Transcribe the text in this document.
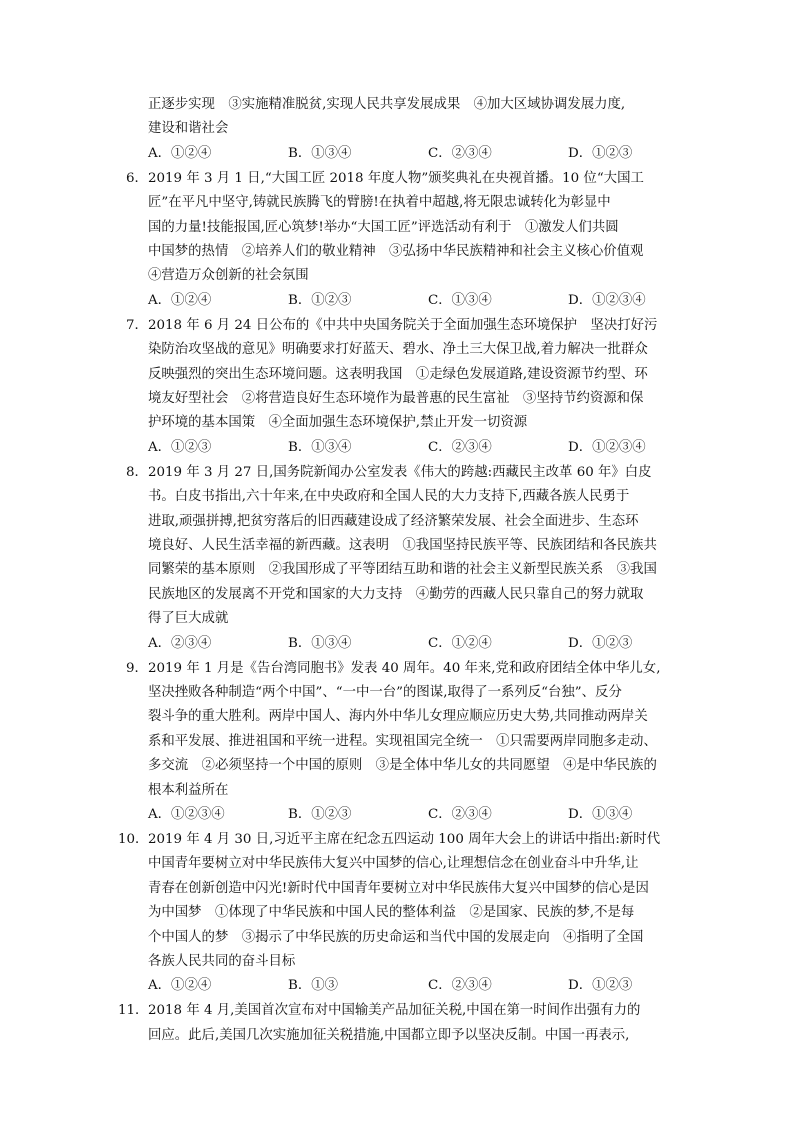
正逐步实现　③实施精准脱贫,实现人民共享发展成果　④加大区域协调发展力度,
建设和谐社会
A．①②④	B．①③④	C．②③④	D．①②③
6． 2019 年 3 月 1 日,“大国工匠 2018 年度人物”颁奖典礼在央视首播。10 位“大国工
匠”在平凡中坚守,铸就民族腾飞的臂膀!在执着中超越,将无限忠诚转化为彰显中
国的力量!技能报国,匠心筑梦!举办“大国工匠”评选活动有利于　①激发人们共圆
中国梦的热情　②培养人们的敬业精神　③弘扬中华民族精神和社会主义核心价值观
④营造万众创新的社会氛围
A．①②④	B．①②③	C．①③④	D．①②③④
7． 2018 年 6 月 24 日公布的《中共中央国务院关于全面加强生态环境保护　坚决打好污
染防治攻坚战的意见》明确要求打好蓝天、碧水、净土三大保卫战,着力解决一批群众
反映强烈的突出生态环境问题。这表明我国　①走绿色发展道路,建设资源节约型、环
境友好型社会　②将营造良好生态环境作为最普惠的民生富祉　③坚持节约资源和保
护环境的基本国策　④全面加强生态环境保护,禁止开发一切资源
A．①②③	B．①③④	C．②③④	D．①②③④
8． 2019 年 3 月 27 日,国务院新闻办公室发表《伟大的跨越:西藏民主改革 60 年》白皮
书。白皮书指出,六十年来,在中央政府和全国人民的大力支持下,西藏各族人民勇于
进取,顽强拼搏,把贫穷落后的旧西藏建设成了经济繁荣发展、社会全面进步、生态环
境良好、人民生活幸福的新西藏。这表明　①我国坚持民族平等、民族团结和各民族共
同繁荣的基本原则　②我国形成了平等团结互助和谐的社会主义新型民族关系　③我国
民族地区的发展离不开党和国家的大力支持　④勤劳的西藏人民只靠自己的努力就取
得了巨大成就
A．②③④	B．①③④	C．①②④	D．①②③
9． 2019 年 1 月是《告台湾同胞书》发表 40 周年。40 年来,党和政府团结全体中华儿女,
坚决挫败各种制造“两个中国”、“一中一台”的图谋,取得了一系列反“台独”、反分
裂斗争的重大胜利。两岸中国人、海内外中华儿女理应顺应历史大势,共同推动两岸关
系和平发展、推进祖国和平统一进程。实现祖国完全统一　①只需要两岸同胞多走动、
多交流　②必须坚持一个中国的原则　③是全体中华儿女的共同愿望　④是中华民族的
根本利益所在
A．①②③④	B．①②③	C．②③④	D．①③④
10． 2019 年 4 月 30 日,习近平主席在纪念五四运动 100 周年大会上的讲话中指出:新时代
中国青年要树立对中华民族伟大复兴中国梦的信心,让理想信念在创业奋斗中升华,让
青春在创新创造中闪光!新时代中国青年要树立对中华民族伟大复兴中国梦的信心是因
为中国梦　①体现了中华民族和中国人民的整体利益　②是国家、民族的梦,不是每
个中国人的梦　③揭示了中华民族的历史命运和当代中国的发展走向　④指明了全国
各族人民共同的奋斗目标
A．①②④	B．①③	C．②③④	D．①②③
11． 2018 年 4 月,美国首次宣布对中国输美产品加征关税,中国在第一时间作出强有力的
回应。此后,美国几次实施加征关税措施,中国都立即予以坚决反制。中国一再表示,
